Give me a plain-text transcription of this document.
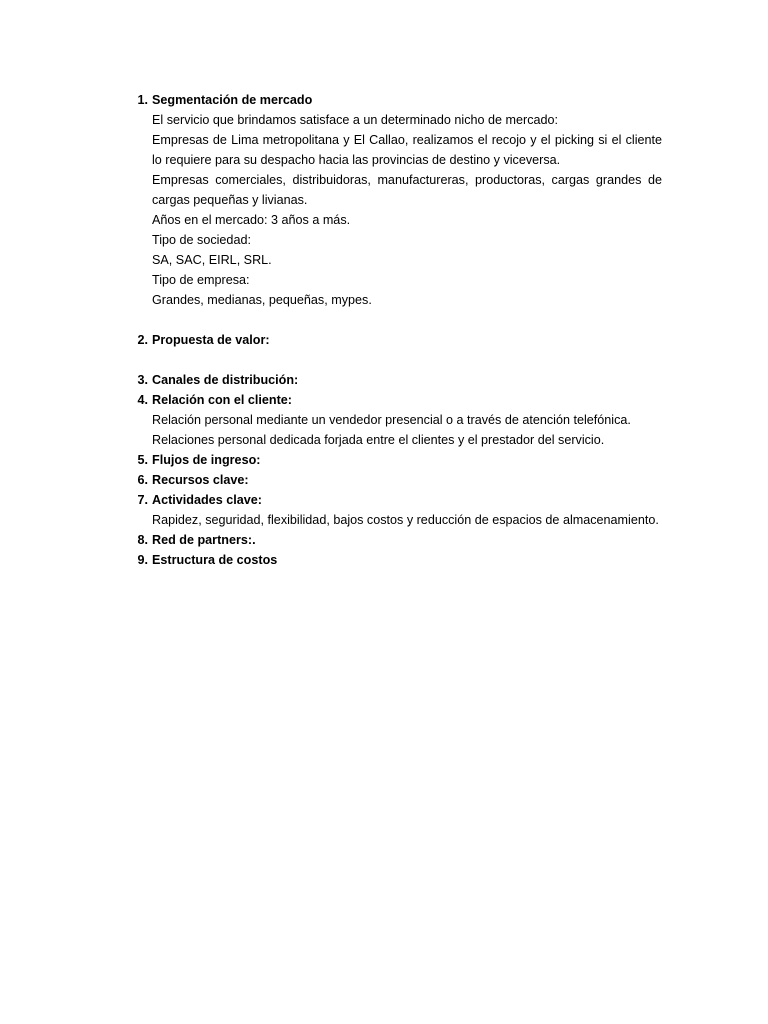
1. Segmentación de mercado
El servicio que brindamos satisface a un determinado nicho de mercado:
Empresas de Lima metropolitana y El Callao, realizamos el recojo y el picking si el cliente lo requiere para su despacho hacia las provincias de destino y viceversa.
Empresas comerciales, distribuidoras, manufactureras, productoras, cargas grandes de cargas pequeñas y livianas.
Años en el mercado: 3 años a más.
Tipo de sociedad:
SA, SAC, EIRL, SRL.
Tipo de empresa:
Grandes, medianas, pequeñas, mypes.
2. Propuesta de valor:
3. Canales de distribución:
4. Relación con el cliente:
Relación personal mediante un vendedor presencial o a través de atención telefónica.
Relaciones personal dedicada forjada entre el clientes y el prestador del servicio.
5. Flujos de ingreso:
6. Recursos clave:
7. Actividades clave:
Rapidez, seguridad, flexibilidad, bajos costos y reducción de espacios de almacenamiento.
8. Red de partners:.
9. Estructura de costos
